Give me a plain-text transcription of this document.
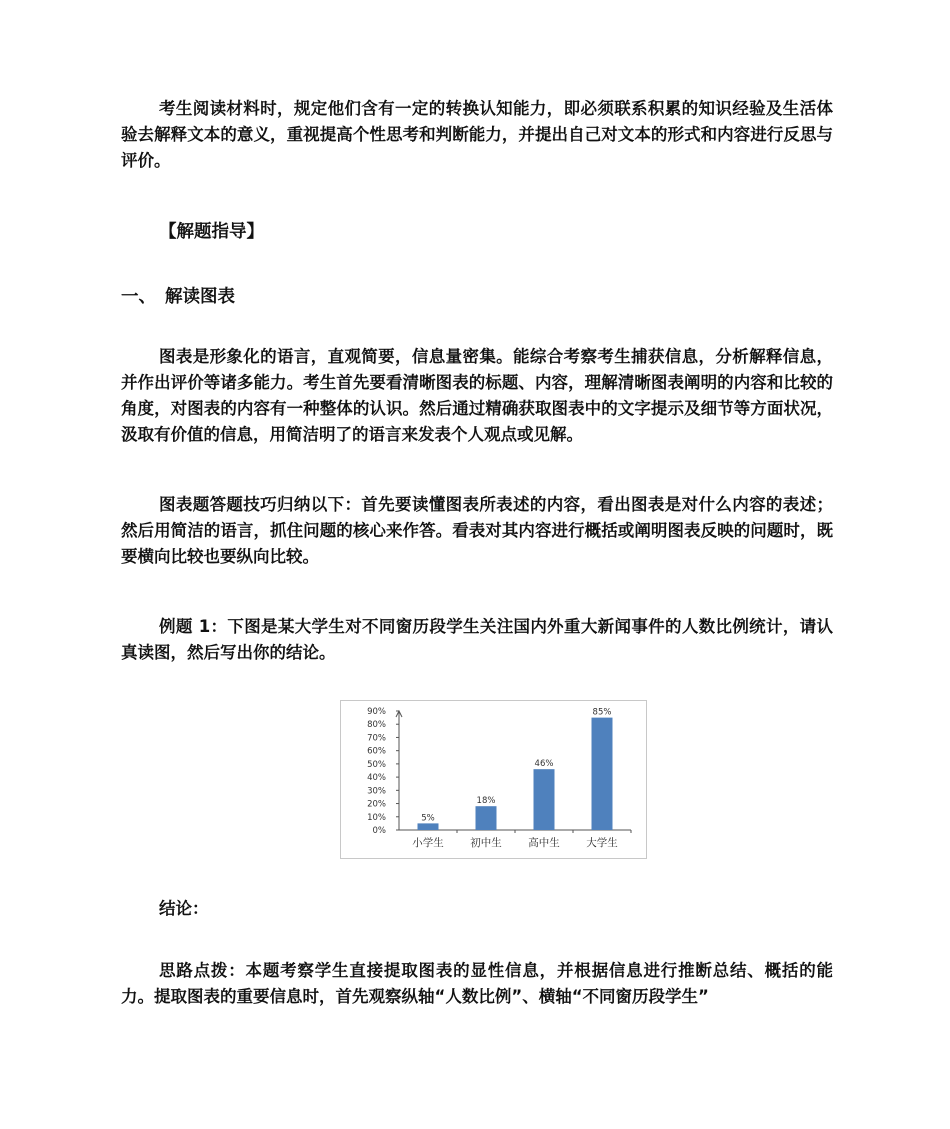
考生阅读材料时，规定他们含有一定的转换认知能力，即必须联系积累的知识经验及生活体验去解释文本的意义，重视提高个性思考和判断能力，并提出自己对文本的形式和内容进行反思与评价。

【解题指导】

一、 解读图表

图表是形象化的语言，直观简要，信息量密集。能综合考察考生捕获信息，分析解释信息，并作出评价等诸多能力。考生首先要看清晰图表的标题、内容，理解清晰图表阐明的内容和比较的角度，对图表的内容有一种整体的认识。然后通过精确获取图表中的文字提示及细节等方面状况，汲取有价值的信息，用简洁明了的语言来发表个人观点或见解。

图表题答题技巧归纳以下：首先要读懂图表所表述的内容，看出图表是对什么内容的表述；然后用简洁的语言，抓住问题的核心来作答。看表对其内容进行概括或阐明图表反映的问题时，既要横向比较也要纵向比较。

例题 1：下图是某大学生对不同窗历段学生关注国内外重大新闻事件的人数比例统计，请认真读图，然后写出你的结论。

0%
10%
20%
30%
40%
50%
60%
70%
80%
90%
5%
小学生
18%
初中生
46%
高中生
85%
大学生

结论：

思路点拨：本题考察学生直接提取图表的显性信息，并根据信息进行推断总结、概括的能力。提取图表的重要信息时，首先观察纵轴“人数比例”、横轴“不同窗历段学生”
